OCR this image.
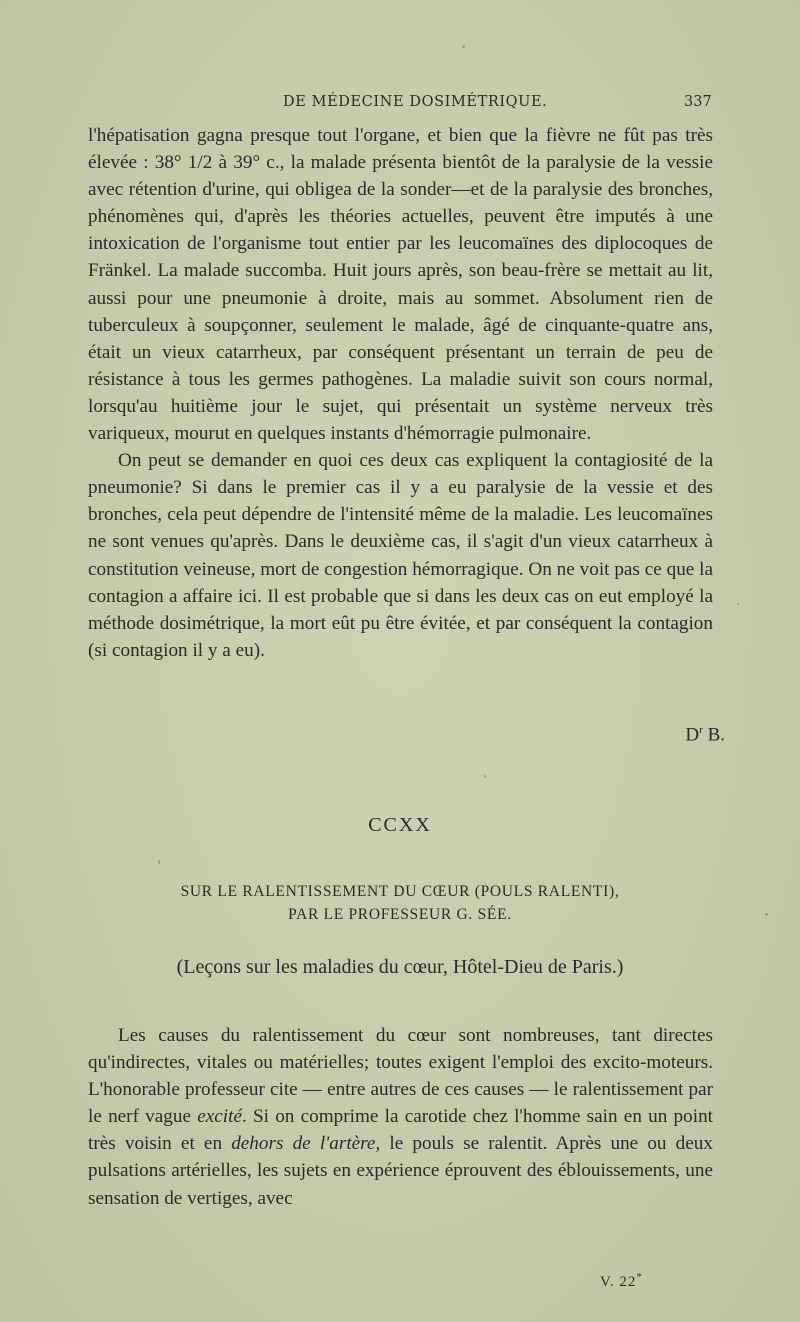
DE MÉDECINE DOSIMÉTRIQUE.	337

l'hépatisation gagna presque tout l'organe, et bien que la fièvre ne fût pas très élevée : 38° 1/2 à 39° c., la malade présenta bientôt de la paralysie de la vessie avec rétention d'urine, qui obligea de la sonder—et de la paralysie des bronches, phénomènes qui, d'après les théories actuelles, peuvent être imputés à une intoxication de l'organisme tout entier par les leucomaïnes des diplocoques de Fränkel. La malade succomba. Huit jours après, son beau-frère se mettait au lit, aussi pour une pneumonie à droite, mais au sommet. Absolument rien de tuberculeux à soupçonner, seulement le malade, âgé de cinquante-quatre ans, était un vieux catarrheux, par conséquent présentant un terrain de peu de résistance à tous les germes pathogènes. La maladie suivit son cours normal, lorsqu'au huitième jour le sujet, qui présentait un système nerveux très variqueux, mourut en quelques instants d'hémorragie pulmonaire.

On peut se demander en quoi ces deux cas expliquent la contagiosité de la pneumonie? Si dans le premier cas il y a eu paralysie de la vessie et des bronches, cela peut dépendre de l'intensité même de la maladie. Les leucomaïnes ne sont venues qu'après. Dans le deuxième cas, il s'agit d'un vieux catarrheux à constitution veineuse, mort de congestion hémorragique. On ne voit pas ce que la contagion a affaire ici. Il est probable que si dans les deux cas on eut employé la méthode dosimétrique, la mort eût pu être évitée, et par conséquent la contagion (si contagion il y a eu).

$D^r$ B.
CCXX
SUR LE RALENTISSEMENT DU CŒUR (POULS RALENTI),
PAR LE PROFESSEUR G. SÉE.
(Leçons sur les maladies du cœur, Hôtel-Dieu de Paris.)

Les causes du ralentissement du cœur sont nombreuses, tant directes qu'indirectes, vitales ou matérielles; toutes exigent l'emploi des excito-moteurs. L'honorable professeur cite — entre autres de ces causes — le ralentissement par le nerf vague excité. Si on comprime la carotide chez l'homme sain en un point très voisin et en dehors de l'artère, le pouls se ralentit. Après une ou deux pulsations artérielles, les sujets en expérience éprouvent des éblouissements, une sensation de vertiges, avec

V. 22*
